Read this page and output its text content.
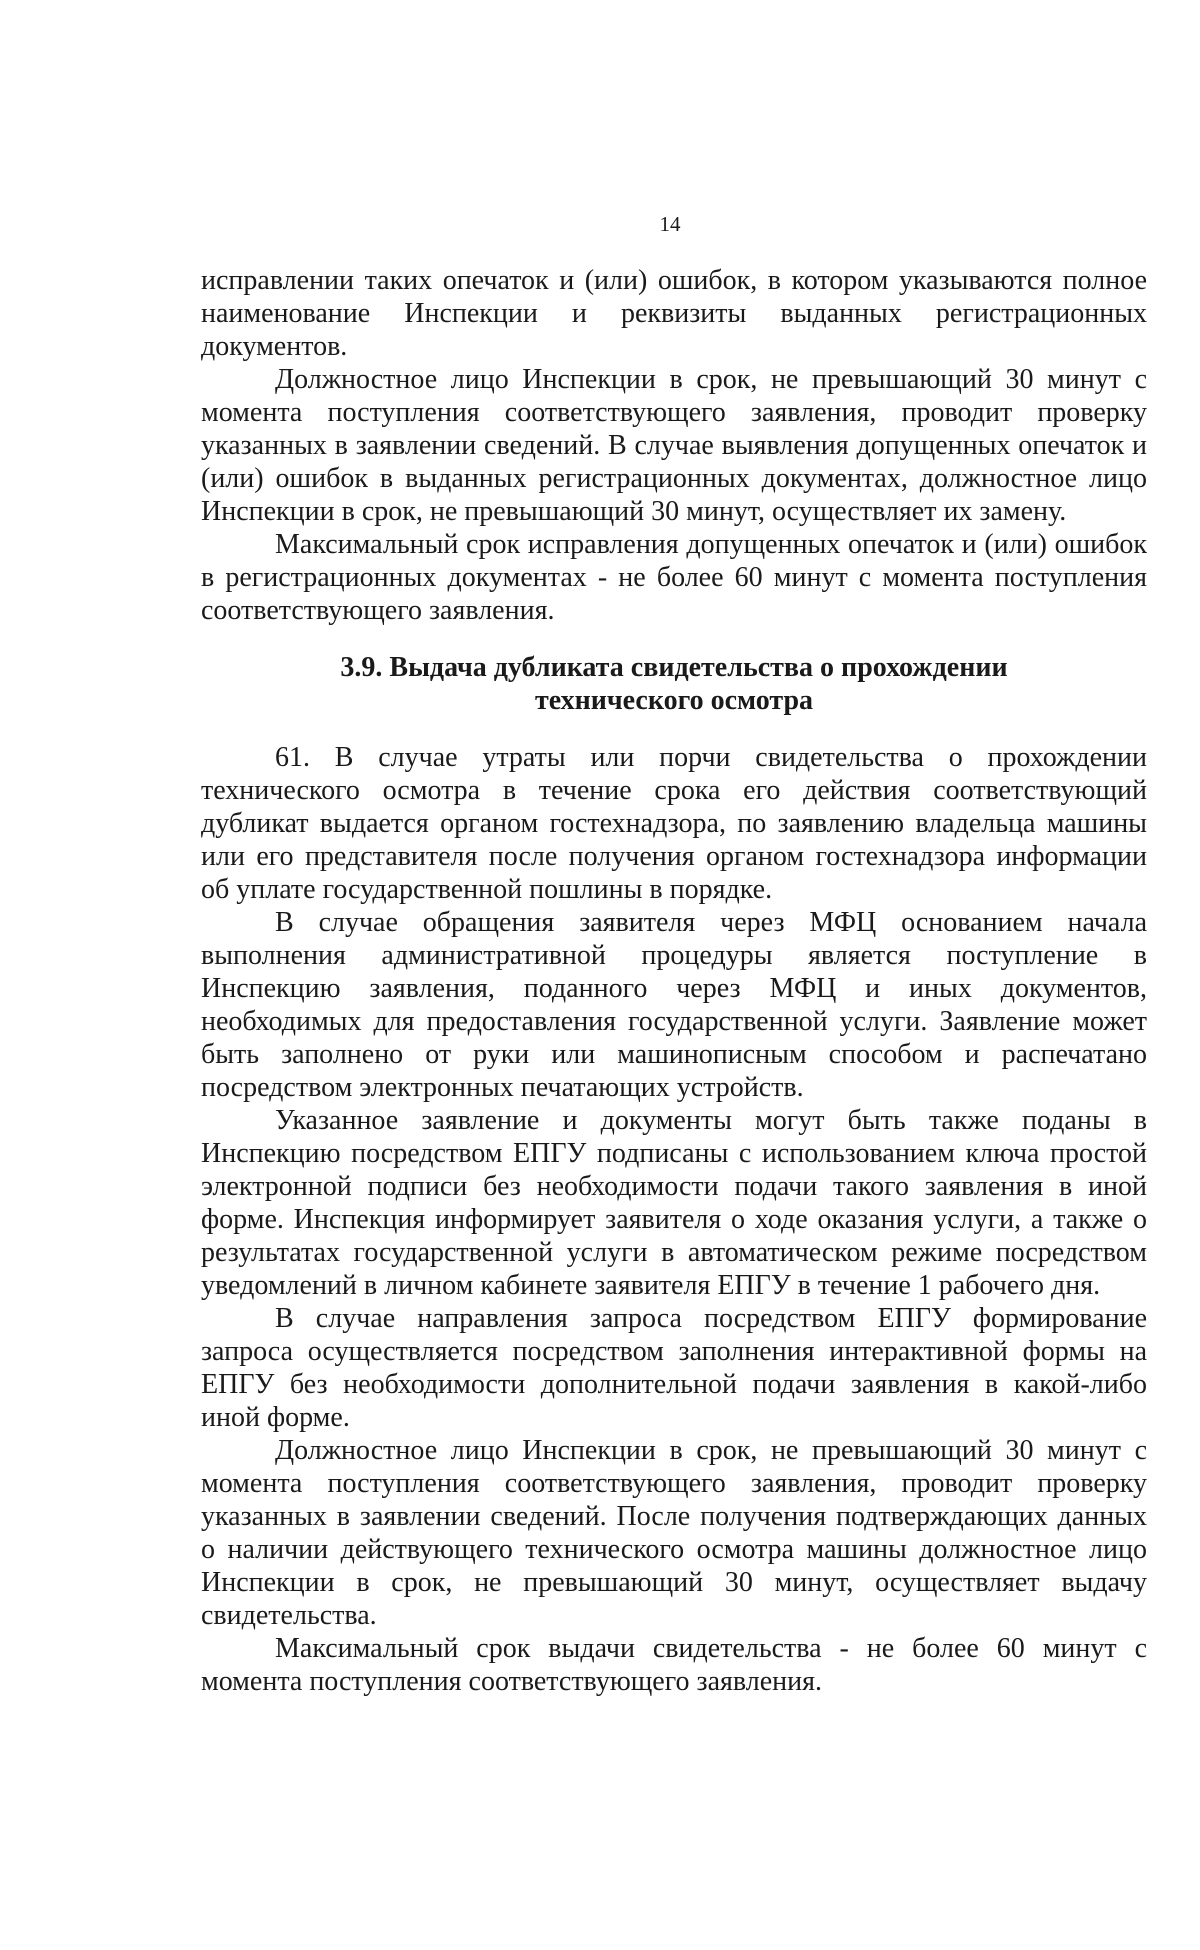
14

исправлении таких опечаток и (или) ошибок, в котором указываются полное наименование Инспекции и реквизиты выданных регистрационных документов.

Должностное лицо Инспекции в срок, не превышающий 30 минут с момента поступления соответствующего заявления, проводит проверку указанных в заявлении сведений. В случае выявления допущенных опечаток и (или) ошибок в выданных регистрационных документах, должностное лицо Инспекции в срок, не превышающий 30 минут, осуществляет их замену.

Максимальный срок исправления допущенных опечаток и (или) ошибок в регистрационных документах - не более 60 минут с момента поступления соответствующего заявления.

3.9. Выдача дубликата свидетельства о прохождении
технического осмотра

61. В случае утраты или порчи свидетельства о прохождении технического осмотра в течение срока его действия соответствующий дубликат выдается органом гостехнадзора, по заявлению владельца машины или его представителя после получения органом гостехнадзора информации об уплате государственной пошлины в порядке.

В случае обращения заявителя через МФЦ основанием начала выполнения административной процедуры является поступление в Инспекцию заявления, поданного через МФЦ и иных документов, необходимых для предоставления государственной услуги. Заявление может быть заполнено от руки или машинописным способом и распечатано посредством электронных печатающих устройств.

Указанное заявление и документы могут быть также поданы в Инспекцию посредством ЕПГУ подписаны с использованием ключа простой электронной подписи без необходимости подачи такого заявления в иной форме. Инспекция информирует заявителя о ходе оказания услуги, а также о результатах государственной услуги в автоматическом режиме посредством уведомлений в личном кабинете заявителя ЕПГУ в течение 1 рабочего дня.

В случае направления запроса посредством ЕПГУ формирование запроса осуществляется посредством заполнения интерактивной формы на ЕПГУ без необходимости дополнительной подачи заявления в какой-либо иной форме.

Должностное лицо Инспекции в срок, не превышающий 30 минут с момента поступления соответствующего заявления, проводит проверку указанных в заявлении сведений. После получения подтверждающих данных о наличии действующего технического осмотра машины должностное лицо Инспекции в срок, не превышающий 30 минут, осуществляет выдачу свидетельства.

Максимальный срок выдачи свидетельства - не более 60 минут с момента поступления соответствующего заявления.
